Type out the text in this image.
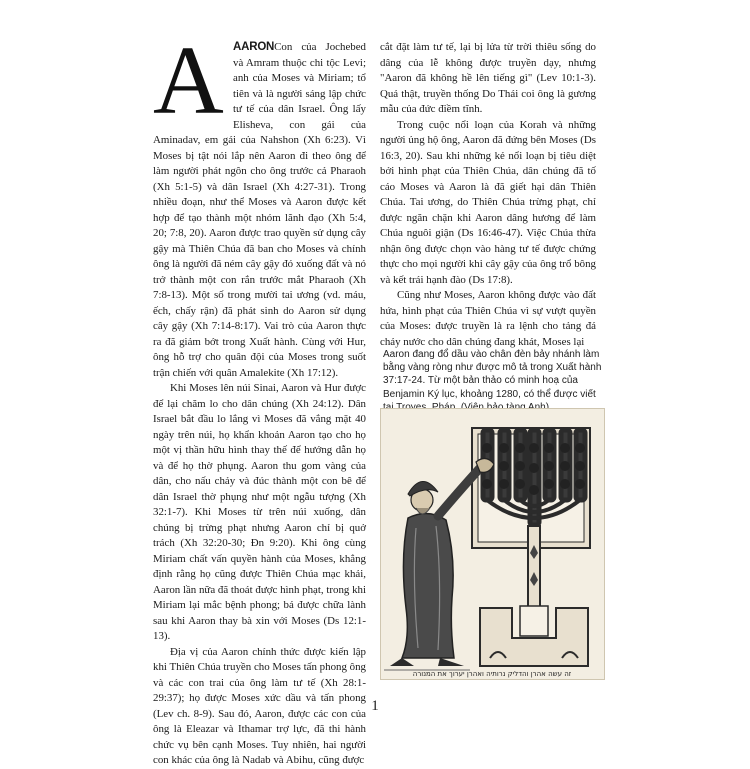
A AARONCon của Jochebed và Amram thuộc chi tộc Levi; anh của Moses và Miriam; tổ tiên và là người sáng lập chức tư tế của dân Israel. Ông lấy Elisheva, con gái của Aminadav, em gái của Nahshon (Xh 6:23). Vì Moses bị tật nói lắp nên Aaron đi theo ông để làm người phát ngôn cho ông trước cả Pharaoh (Xh 5:1-5) và dân Israel (Xh 4:27-31). Trong nhiều đoạn, như thể Moses và Aaron được kết hợp để tạo thành một nhóm lãnh đạo (Xh 5:4, 20; 7:8, 20). Aaron được trao quyền sử dụng cây gậy mà Thiên Chúa đã ban cho Moses và chính ông là người đã ném cây gậy đó xuống đất và nó trở thành một con rắn trước mắt Pharaoh (Xh 7:8-13). Một số trong mười tai ương (vd. máu, ếch, chấy rận) đã phát sinh do Aaron sử dụng cây gậy (Xh 7:14-8:17). Vai trò của Aaron thực ra đã giảm bớt trong Xuất hành. Cùng với Hur, ông hỗ trợ cho quân đội của Moses trong suốt trận chiến với quân Amalekite (Xh 17:12).

Khi Moses lên núi Sinai, Aaron và Hur được để lại chăm lo cho dân chúng (Xh 24:12). Dân Israel bắt đầu lo lắng vì Moses đã vắng mặt 40 ngày trên núi, họ khẩn khoản Aaron tạo cho họ một vị thần hữu hình thay thế để hướng dẫn họ và để họ thờ phụng. Aaron thu gom vàng của dân, cho nấu chảy và đúc thành một con bê để dân Israel thờ phụng như một ngẫu tượng (Xh 32:1-7). Khi Moses từ trên núi xuống, dân chúng bị trừng phạt nhưng Aaron chỉ bị quở trách (Xh 32:20-30; Đn 9:20). Khi ông cùng Miriam chất vấn quyền hành của Moses, khẳng định rằng họ cũng được Thiên Chúa mạc khải, Aaron lần nữa đã thoát được hình phạt, trong khi Miriam lại mắc bệnh phong; bá được chữa lành sau khi Aaron thay bà xin với Moses (Ds 12:1-13).

Địa vị của Aaron chính thức được kiến lập khi Thiên Chúa truyền cho Moses tấn phong ông và các con trai của ông làm tư tế (Xh 28:1-29:37); họ được Moses xức dầu và tấn phong (Lev ch. 8-9). Sau đó, Aaron, được các con của ông là Eleazar và Ithamar trợ lực, đã thi hành chức vụ bên cạnh Moses. Tuy nhiên, hai người con khác của ông là Nadab và Abihu, cũng được

cắt đặt làm tư tế, lại bị lửa từ trời thiêu sống do dâng của lễ không được truyền dạy, nhưng "Aaron đã không hề lên tiếng gì" (Lev 10:1-3). Quả thật, truyền thống Do Thái coi ông là gương mẫu của đức điềm tĩnh.

Trong cuộc nổi loạn của Korah và những người ủng hộ ông, Aaron đã đứng bên Moses (Ds 16:3, 20). Sau khi những kẻ nổi loạn bị tiêu diệt bởi hình phạt của Thiên Chúa, dân chúng đã tố cáo Moses và Aaron là đã giết hại dân Thiên Chúa. Tai ương, do Thiên Chúa trừng phạt, chỉ được ngăn chặn khi Aaron dâng hương để làm Chúa nguôi giận (Ds 16:46-47). Việc Chúa thừa nhận ông được chọn vào hàng tư tế được chứng thực cho mọi người khi cây gậy của ông trổ bông và kết trái hạnh đào (Ds 17:8).

Cũng như Moses, Aaron không được vào đất hứa, hình phạt của Thiên Chúa vì sự vượt quyền của Moses: được truyền là ra lệnh cho tảng đá chảy nước cho dân chúng đang khát, Moses lại

Aaron đang đổ dầu vào chân đèn bảy nhánh làm bằng vàng ròng như được mô tả trong Xuất hành 37:17-24. Từ một bản thảo có minh hoạ của Benjamin Ký lục, khoảng 1280, có thể được viết
זה עשה אהרן והדליק נרותיה ואהרן יערוך את המנורה
1
